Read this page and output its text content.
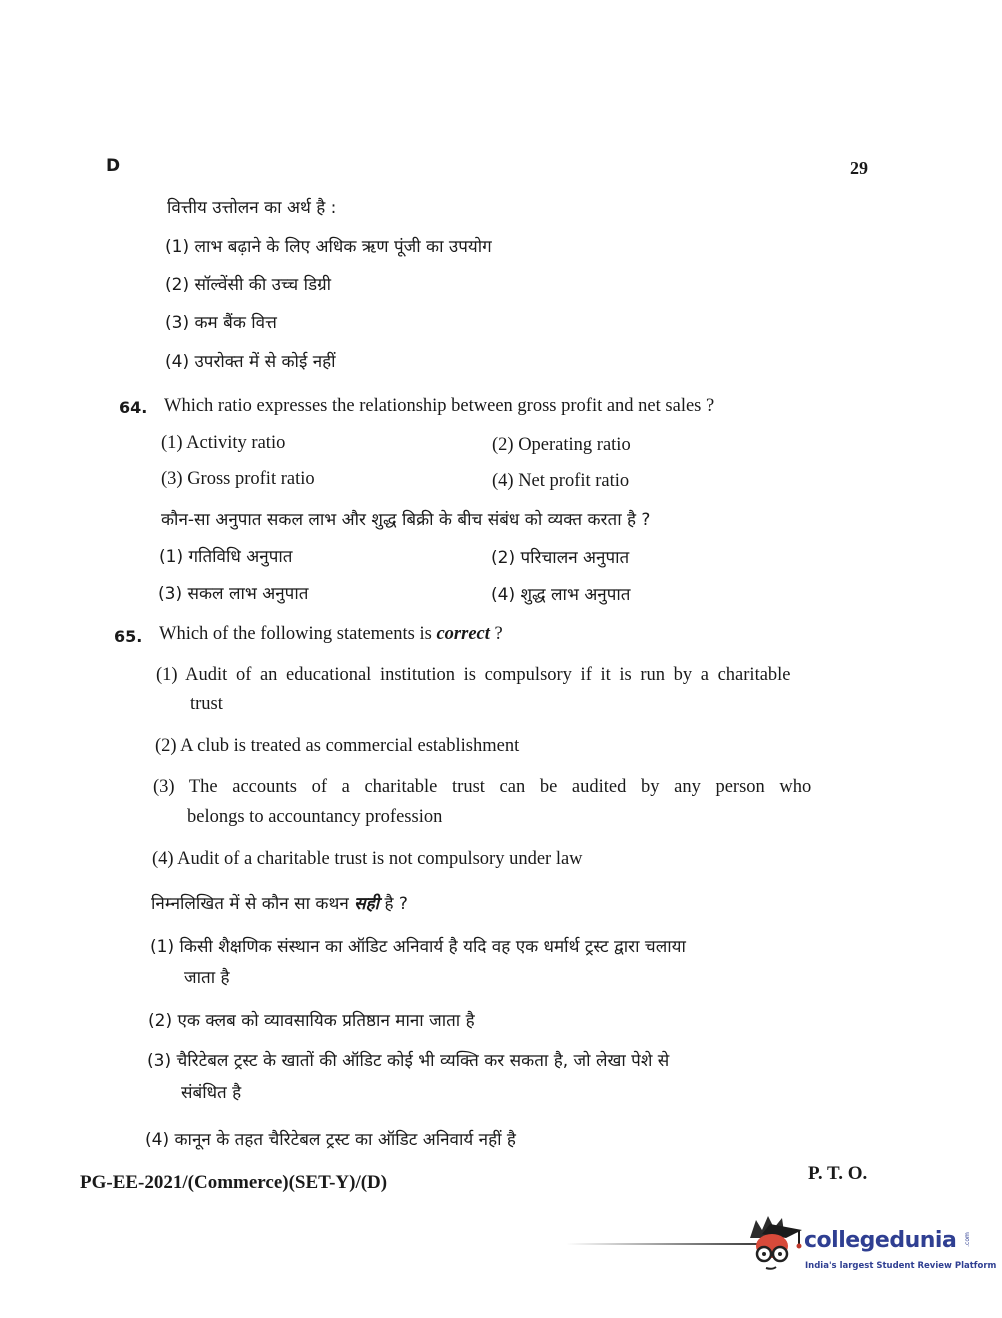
D	29
वित्तीय उत्तोलन का अर्थ है :
(1) लाभ बढ़ाने के लिए अधिक ऋण पूंजी का उपयोग
(2) सॉल्वेंसी की उच्च डिग्री
(3) कम बैंक वित्त
(4) उपरोक्त में से कोई नहीं
64. Which ratio expresses the relationship between gross profit and net sales ?
(1) Activity ratio	(2) Operating ratio
(3) Gross profit ratio	(4) Net profit ratio
कौन-सा अनुपात सकल लाभ और शुद्ध बिक्री के बीच संबंध को व्यक्त करता है ?
(1) गतिविधि अनुपात	(2) परिचालन अनुपात
(3) सकल लाभ अनुपात	(4) शुद्ध लाभ अनुपात
65. Which of the following statements is correct ?
(1) Audit of an educational institution is compulsory if it is run by a charitable
trust
(2) A club is treated as commercial establishment
(3) The accounts of a charitable trust can be audited by any person who
belongs to accountancy profession
(4) Audit of a charitable trust is not compulsory under law
निम्नलिखित में से कौन सा कथन सही है ?
(1) किसी शैक्षणिक संस्थान का ऑडिट अनिवार्य है यदि वह एक धर्मार्थ ट्रस्ट द्वारा चलाया
जाता है
(2) एक क्लब को व्यावसायिक प्रतिष्ठान माना जाता है
(3) चैरिटेबल ट्रस्ट के खातों की ऑडिट कोई भी व्यक्ति कर सकता है, जो लेखा पेशे से
संबंधित है
(4) कानून के तहत चैरिटेबल ट्रस्ट का ऑडिट अनिवार्य नहीं है
PG-EE-2021/(Commerce)(SET-Y)/(D)	P. T. O.
collegedunia .com
India's largest Student Review Platform
